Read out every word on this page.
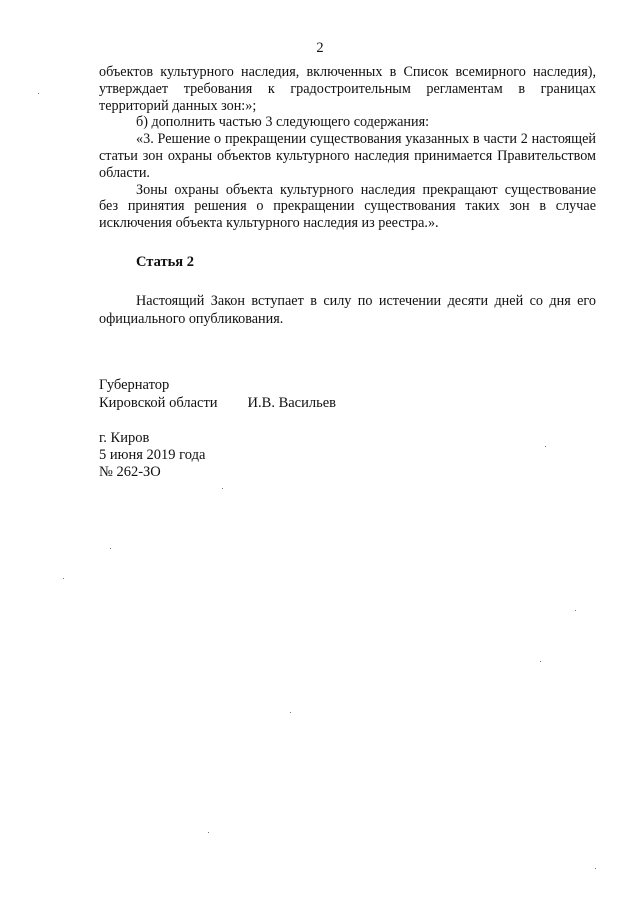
2

объектов культурного наследия, включенных в Список всемирного наследия), утверждает требования к градостроительным регламентам в границах территорий данных зон:»;

б) дополнить частью 3 следующего содержания:

«3. Решение о прекращении существования указанных в части 2 настоящей статьи зон охраны объектов культурного наследия принимается Правительством области.

Зоны охраны объекта культурного наследия прекращают существование без принятия решения о прекращении существования таких зон в случае исключения объекта культурного наследия из реестра.».

Статья 2

Настоящий Закон вступает в силу по истечении десяти дней со дня его официального опубликования.

Губернатор
Кировской области И.В. Васильев
г. Киров
5 июня 2019 года
№ 262-ЗО
